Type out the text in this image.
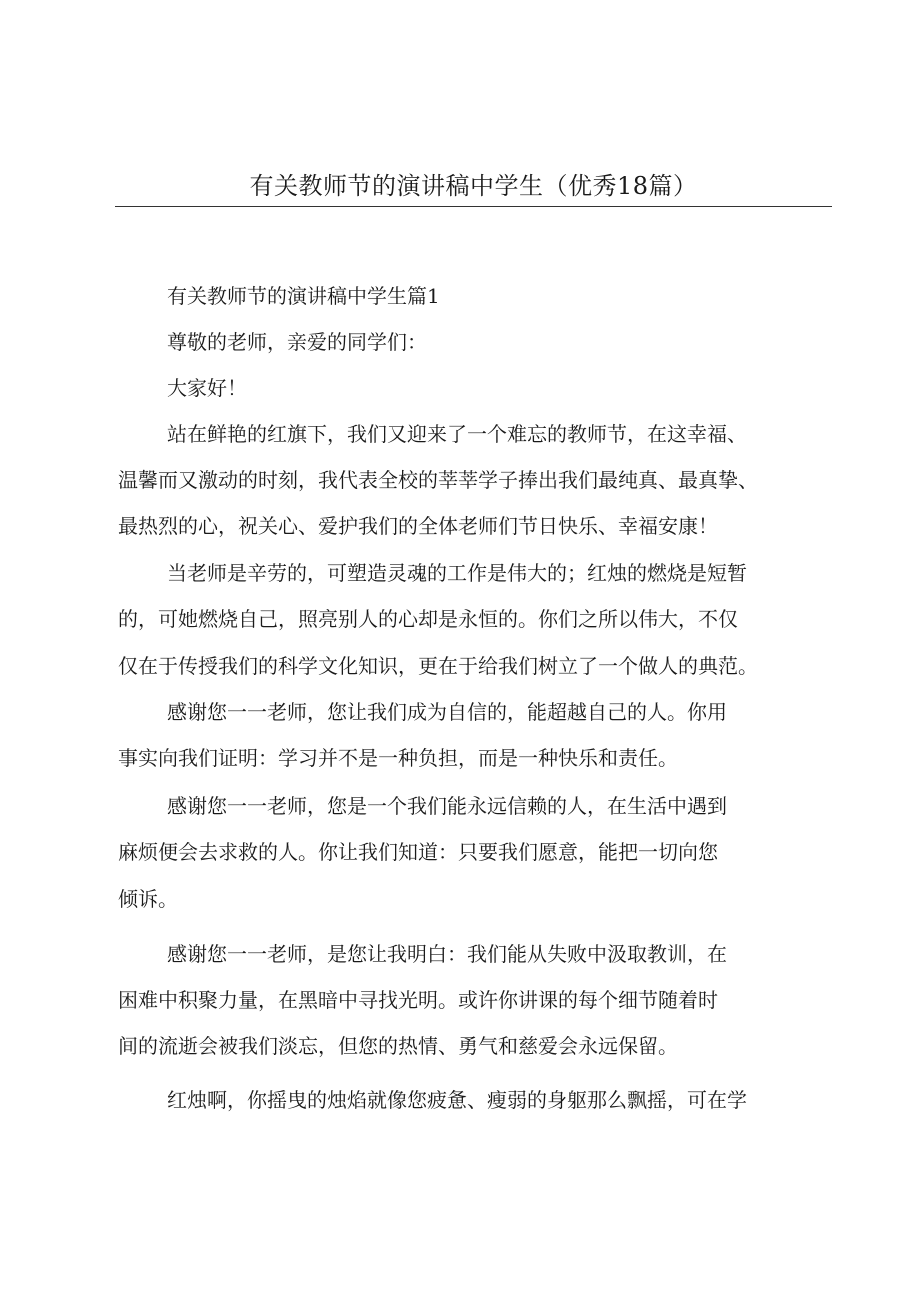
有关教师节的演讲稿中学生（优秀18篇）
有关教师节的演讲稿中学生篇1
尊敬的老师，亲爱的同学们：
大家好！
站在鲜艳的红旗下，我们又迎来了一个难忘的教师节，在这幸福、
温馨而又激动的时刻，我代表全校的莘莘学子捧出我们最纯真、最真挚、
最热烈的心，祝关心、爱护我们的全体老师们节日快乐、幸福安康！
当老师是辛劳的，可塑造灵魂的工作是伟大的；红烛的燃烧是短暂
的，可她燃烧自己，照亮别人的心却是永恒的。你们之所以伟大，不仅
仅在于传授我们的科学文化知识，更在于给我们树立了一个做人的典范。
感谢您一一老师，您让我们成为自信的，能超越自己的人。你用
事实向我们证明：学习并不是一种负担，而是一种快乐和责任。
感谢您一一老师，您是一个我们能永远信赖的人，在生活中遇到
麻烦便会去求救的人。你让我们知道：只要我们愿意，能把一切向您
倾诉。
感谢您一一老师，是您让我明白：我们能从失败中汲取教训，在
困难中积聚力量，在黑暗中寻找光明。或许你讲课的每个细节随着时
间的流逝会被我们淡忘，但您的热情、勇气和慈爱会永远保留。
红烛啊，你摇曳的烛焰就像您疲惫、瘦弱的身躯那么飘摇，可在学
